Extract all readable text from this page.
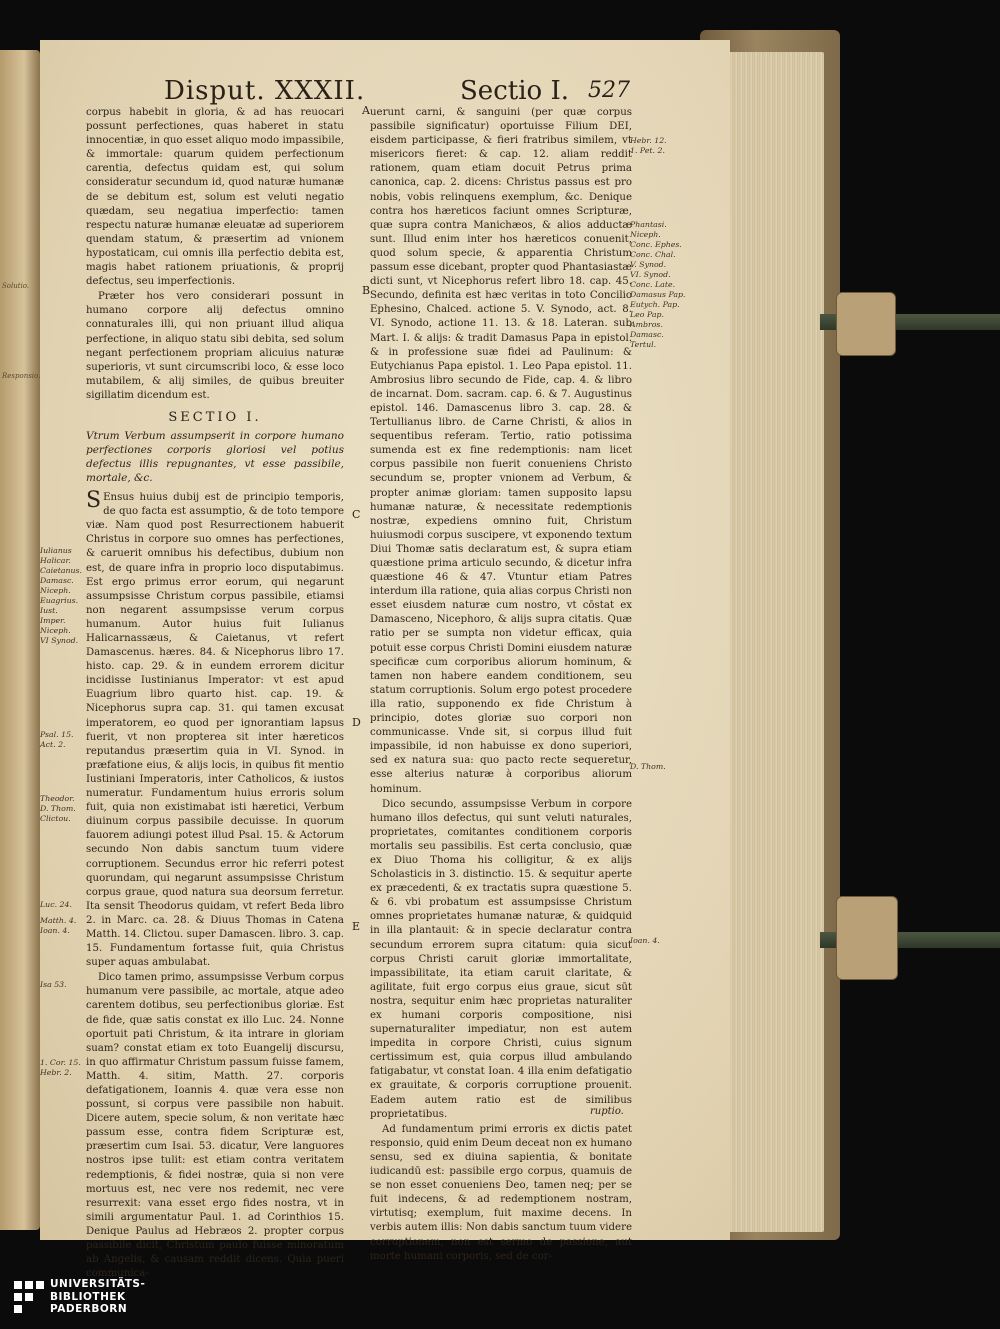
Solutio.
Responsio.
Disput. XXXII.	Sectio I. 527

corpus habebit in gloria, & ad has reuocari possunt perfectiones, quas haberet in statu innocentiæ, in quo esset aliquo modo impassibile, & immortale: quarum quidem perfectionum carentia, defectus quidam est, qui solum consideratur secundum id, quod naturæ humanæ de se debitum est, solum est veluti negatio quædam, seu negatiua imperfectio: tamen respectu naturæ humanæ eleuatæ ad superiorem quendam statum, & præsertim ad vnionem hypostaticam, cui omnis illa perfectio debita est, magis habet rationem priuationis, & proprij defectus, seu imperfectionis.

Præter hos vero considerari possunt in humano corpore alij defectus omnino connaturales illi, qui non priuant illud aliqua perfectione, in aliquo statu sibi debita, sed solum negant perfectionem propriam alicuius naturæ superioris, vt sunt circumscribi loco, & esse loco mutabilem, & alij similes, de quibus breuiter sigillatim dicendum est.

SECTIO I.
Vtrum Verbum assumpserit in corpore humano perfectiones corporis gloriosi vel potius defectus illis repugnantes, vt esse passibile, mortale, &c.

S Ensus huius dubij est de principio temporis, de quo facta est assumptio, & de toto tempore viæ. Nam quod post Resurrectionem habuerit Christus in corpore suo omnes has perfectiones, & caruerit omnibus his defectibus, dubium non est, de quare infra in proprio loco disputabimus. Est ergo primus error eorum, qui negarunt assumpsisse Christum corpus passibile, etiamsi non negarent assumpsisse verum corpus humanum. Autor huius fuit Iulianus Halicarnassæus, & Caietanus, vt refert Damascenus. hæres. 84. & Nicephorus libro 17. histo. cap. 29. & in eundem errorem dicitur incidisse Iustinianus Imperator: vt est apud Euagrium libro quarto hist. cap. 19. & Nicephorus supra cap. 31. qui tamen excusat imperatorem, eo quod per ignorantiam lapsus fuerit, vt non propterea sit inter hæreticos reputandus præsertim quia in VI. Synod. in præfatione eius, & alijs locis, in quibus fit mentio Iustiniani Imperatoris, inter Catholicos, & iustos numeratur. Fundamentum huius erroris solum fuit, quia non existimabat isti hæretici, Verbum diuinum corpus passibile decuisse. In quorum fauorem adiungi potest illud Psal. 15. & Actorum secundo Non dabis sanctum tuum videre corruptionem. Secundus error hic referri potest quorundam, qui negarunt assumpsisse Christum corpus graue, quod natura sua deorsum ferretur. Ita sensit Theodorus quidam, vt refert Beda libro 2. in Marc. ca. 28. & Diuus Thomas in Catena Matth. 14. Clictou. super Damascen. libro. 3. cap. 15. Fundamentum fortasse fuit, quia Christus super aquas ambulabat.

Dico tamen primo, assumpsisse Verbum corpus humanum vere passibile, ac mortale, atque adeo carentem dotibus, seu perfectionibus gloriæ. Est de fide, quæ satis constat ex illo Luc. 24. Nonne oportuit pati Christum, & ita intrare in gloriam suam? constat etiam ex toto Euangelij discursu, in quo affirmatur Christum passum fuisse famem, Matth. 4. sitim, Matth. 27. corporis defatigationem, Ioannis 4. quæ vera esse non possunt, si corpus vere passibile non habuit. Dicere autem, specie solum, & non veritate hæc passum esse, contra fidem Scripturæ est, præsertim cum Isai. 53. dicatur, Vere languores nostros ipse tulit: est etiam contra veritatem redemptionis, & fidei nostræ, quia si non vere mortuus est, nec vere nos redemit, nec vere resurrexit: vana esset ergo fides nostra, vt in simili argumentatur Paul. 1. ad Corinthios 15. Denique Paulus ad Hebræos 2. propter corpus passibile dicit, Christum paulo fuisse minoratum ab Angelis, & causam reddit dicens. Quia pueri communica-

uerunt carni, & sanguini (per quæ corpus passibile significatur) oportuisse Filium DEI, eisdem participasse, & fieri fratribus similem, vt misericors fieret: & cap. 12. aliam reddit rationem, quam etiam docuit Petrus prima canonica, cap. 2. dicens: Christus passus est pro nobis, vobis relinquens exemplum, &c. Denique contra hos hæreticos faciunt omnes Scripturæ, quæ supra contra Manichæos, & alios adductæ sunt. Illud enim inter hos hæreticos conuenit, quod solum specie, & apparentia Christum passum esse dicebant, propter quod Phantasiastæ dicti sunt, vt Nicephorus refert libro 18. cap. 45. Secundo, definita est hæc veritas in toto Concilio Ephesino, Chalced. actione 5. V. Synodo, act. 8. VI. Synodo, actione 11. 13. & 18. Lateran. sub Mart. I. & alijs: & tradit Damasus Papa in epistol. & in professione suæ fidei ad Paulinum: & Eutychianus Papa epistol. 1. Leo Papa epistol. 11. Ambrosius libro secundo de Fide, cap. 4. & libro de incarnat. Dom. sacram. cap. 6. & 7. Augustinus epistol. 146. Damascenus libro 3. cap. 28. & Tertullianus libro. de Carne Christi, & alios in sequentibus referam. Tertio, ratio potissima sumenda est ex fine redemptionis: nam licet corpus passibile non fuerit conueniens Christo secundum se, propter vnionem ad Verbum, & propter animæ gloriam: tamen supposito lapsu humanæ naturæ, & necessitate redemptionis nostræ, expediens omnino fuit, Christum huiusmodi corpus suscipere, vt exponendo textum Diui Thomæ satis declaratum est, & supra etiam quæstione prima articulo secundo, & dicetur infra quæstione 46 & 47. Vtuntur etiam Patres interdum illa ratione, quia alias corpus Christi non esset eiusdem naturæ cum nostro, vt cōstat ex Damasceno, Nicephoro, & alijs supra citatis. Quæ ratio per se sumpta non videtur efficax, quia potuit esse corpus Christi Domini eiusdem naturæ specificæ cum corporibus aliorum hominum, & tamen non habere eandem conditionem, seu statum corruptionis. Solum ergo potest procedere illa ratio, supponendo ex fide Christum à principio, dotes gloriæ suo corpori non communicasse. Vnde sit, si corpus illud fuit impassibile, id non habuisse ex dono superiori, sed ex natura sua: quo pacto recte sequeretur, esse alterius naturæ à corporibus aliorum hominum.

Dico secundo, assumpsisse Verbum in corpore humano illos defectus, qui sunt veluti naturales, proprietates, comitantes conditionem corporis mortalis seu passibilis. Est certa conclusio, quæ ex Diuo Thoma his colligitur, & ex alijs Scholasticis in 3. distinctio. 15. & sequitur aperte ex præcedenti, & ex tractatis supra quæstione 5. & 6. vbi probatum est assumpsisse Christum omnes proprietates humanæ naturæ, & quidquid in illa plantauit: & in specie declaratur contra secundum errorem supra citatum: quia sicut corpus Christi caruit gloriæ immortalitate, impassibilitate, ita etiam caruit claritate, & agilitate, fuit ergo corpus eius graue, sicut sūt nostra, sequitur enim hæc proprietas naturaliter ex humani corporis compositione, nisi supernaturaliter impediatur, non est autem impedita in corpore Christi, cuius signum certissimum est, quia corpus illud ambulando fatigabatur, vt constat Ioan. 4 illa enim defatigatio ex grauitate, & corporis corruptione prouenit. Eadem autem ratio est de similibus proprietatibus.

Ad fundamentum primi erroris ex dictis patet responsio, quid enim Deum deceat non ex humano sensu, sed ex diuina sapientia, & bonitate iudicandū est: passibile ergo corpus, quamuis de se non esset conueniens Deo, tamen neq; per se fuit indecens, & ad redemptionem nostram, virtutisq; exemplum, fuit maxime decens. In verbis autem illis: Non dabis sanctum tuum videre corruptionem, non est sermo de passione, aut morte humani corporis, sed de cor-

A
B
C
D
E
Iulianus Halicar.
Caietanus.
Damasc.
Niceph.
Euagrius.
Iust. Imper.
Niceph.
VI Synod.
Psal. 15.
Act. 2.
Theodor.
D. Thom.
Clictou.
Luc. 24.
Matth. 4.
Ioan. 4.
Isa 53.
1. Cor. 15.
Hebr. 2.
Hebr. 12.
1. Pet. 2.
Phantasi.
Niceph.
Conc. Ephes.
Conc. Chal.
V. Synod.
VI. Synod.
Conc. Late.
Damasus Pap.
Eutych. Pap.
Leo Pap.
Ambros.
Damasc.
Tertul.
D. Thom.
Ioan. 4.
ruptio.
UNIVERSITÄTS-
BIBLIOTHEK
PADERBORN
